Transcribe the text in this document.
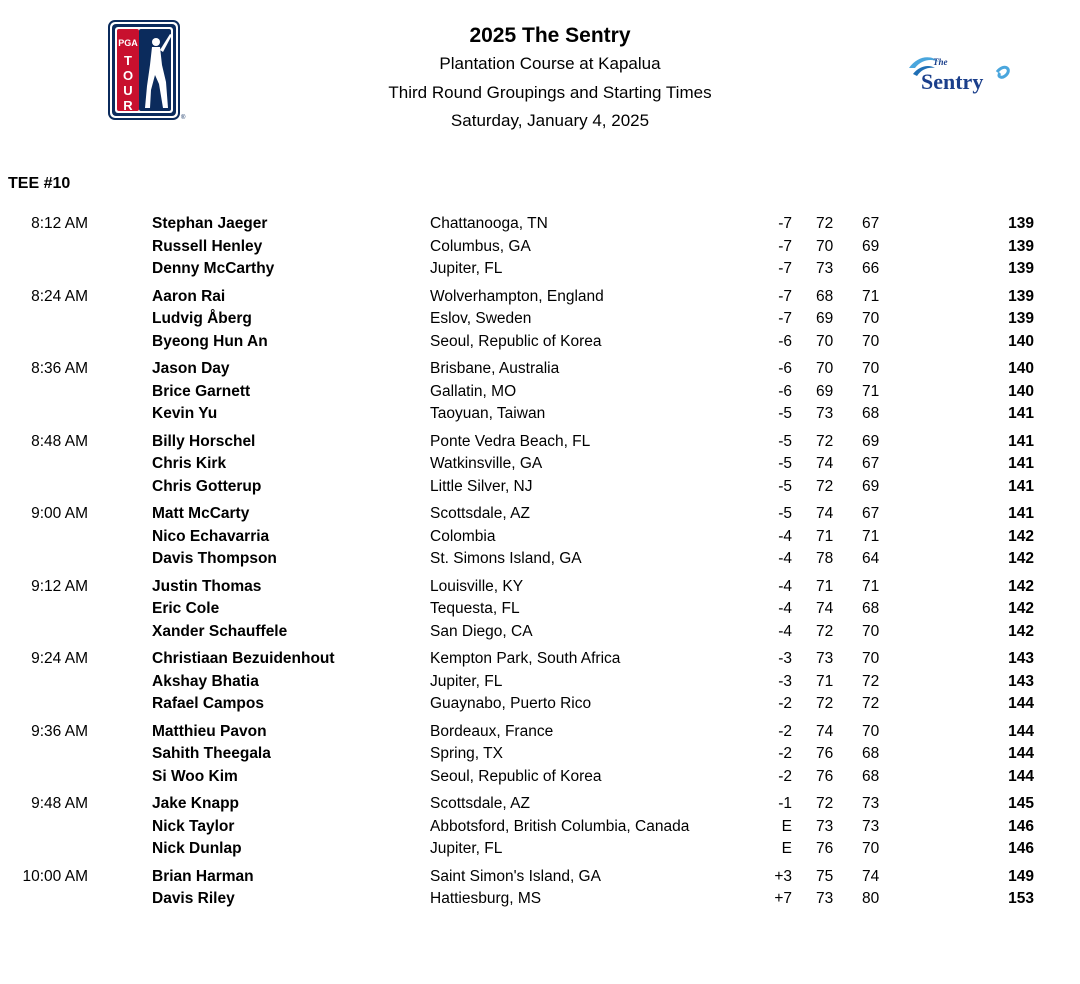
PGA
T
O
U
R
®
The
Sentry
2025 The Sentry
Plantation Course at Kapalua
Third Round Groupings and Starting Times
Saturday, January 4, 2025
TEE #10
8:12 AM	Stephan Jaeger	Chattanooga, TN	-7 72 67	139
Russell Henley	Columbus, GA	-7 70 69	139
Denny McCarthy	Jupiter, FL	-7 73 66	139
8:24 AM	Aaron Rai	Wolverhampton, England	-7 68 71	139
Ludvig Åberg	Eslov, Sweden	-7 69 70	139
Byeong Hun An	Seoul, Republic of Korea	-6 70 70	140
8:36 AM	Jason Day	Brisbane, Australia	-6 70 70	140
Brice Garnett	Gallatin, MO	-6 69 71	140
Kevin Yu	Taoyuan, Taiwan	-5 73 68	141
8:48 AM	Billy Horschel	Ponte Vedra Beach, FL	-5 72 69	141
Chris Kirk	Watkinsville, GA	-5 74 67	141
Chris Gotterup	Little Silver, NJ	-5 72 69	141
9:00 AM	Matt McCarty	Scottsdale, AZ	-5 74 67	141
Nico Echavarria	Colombia	-4 71 71	142
Davis Thompson	St. Simons Island, GA	-4 78 64	142
9:12 AM	Justin Thomas	Louisville, KY	-4 71 71	142
Eric Cole	Tequesta, FL	-4 74 68	142
Xander Schauffele	San Diego, CA	-4 72 70	142
9:24 AM	Christiaan Bezuidenhout	Kempton Park, South Africa	-3 73 70	143
Akshay Bhatia	Jupiter, FL	-3 71 72	143
Rafael Campos	Guaynabo, Puerto Rico	-2 72 72	144
9:36 AM	Matthieu Pavon	Bordeaux, France	-2 74 70	144
Sahith Theegala	Spring, TX	-2 76 68	144
Si Woo Kim	Seoul, Republic of Korea	-2 76 68	144
9:48 AM	Jake Knapp	Scottsdale, AZ	-1 72 73	145
Nick Taylor	Abbotsford, British Columbia, Canada	E 73 73	146
Nick Dunlap	Jupiter, FL	E 76 70	146
10:00 AM	Brian Harman	Saint Simon's Island, GA	+3 75 74	149
Davis Riley	Hattiesburg, MS	+7 73 80	153
